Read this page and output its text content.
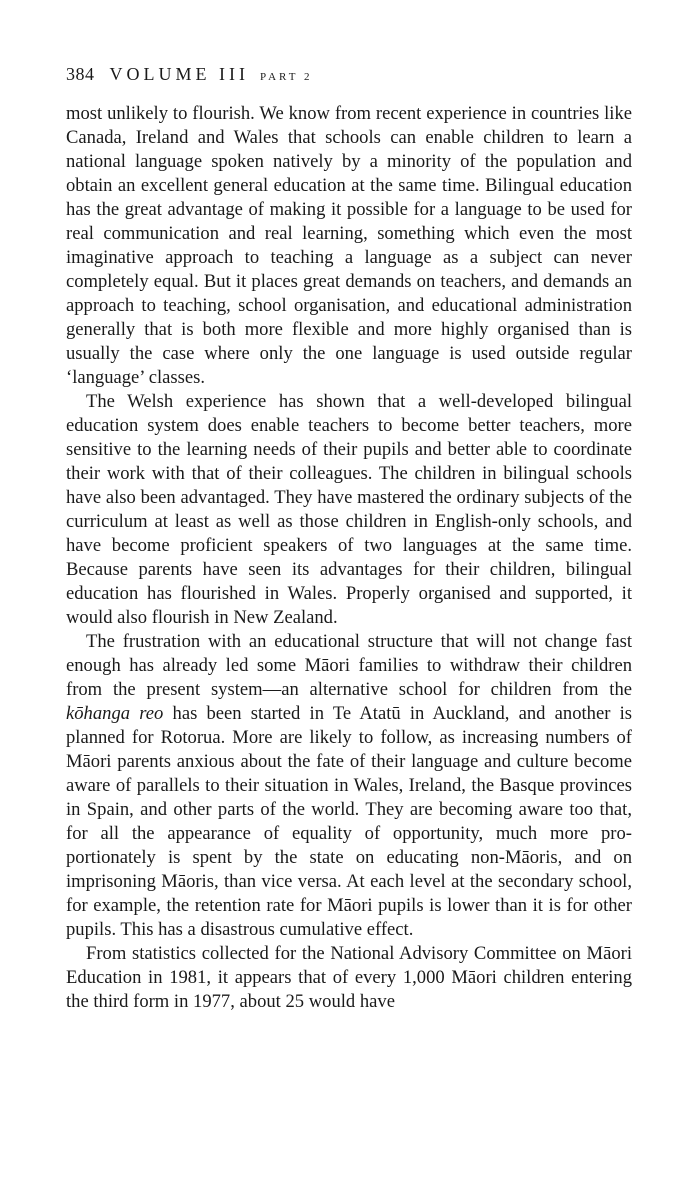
384 VOLUME III PART 2

most unlikely to flourish. We know from recent experience in countries like Canada, Ireland and Wales that schools can enable children to learn a national language spoken natively by a minority of the population and obtain an excellent general education at the same time. Bilingual education has the great advantage of making it possible for a language to be used for real communication and real learning, something which even the most imaginative approach to teaching a language as a subject can never completely equal. But it places great demands on teachers, and demands an approach to teaching, school organisation, and educational administration generally that is both more flexible and more highly organised than is usually the case where only the one language is used outside regular ‘language’ classes.

The Welsh experience has shown that a well-developed bilingual education system does enable teachers to become better teachers, more sensitive to the learning needs of their pupils and better able to coordinate their work with that of their colleagues. The children in bilingual schools have also been advantaged. They have mastered the ordinary subjects of the curriculum at least as well as those children in English-only schools, and have become proficient speakers of two languages at the same time. Because parents have seen its advantages for their children, bilingual education has flourished in Wales. Properly organised and supported, it would also flourish in New Zealand.

The frustration with an educational structure that will not change fast enough has already led some Māori families to withdraw their children from the present system—an alternative school for children from the kōhanga reo has been started in Te Atatū in Auckland, and another is planned for Rotorua. More are likely to follow, as increasing numbers of Māori parents anxious about the fate of their language and culture become aware of parallels to their situation in Wales, Ireland, the Basque provinces in Spain, and other parts of the world. They are becoming aware too that, for all the appearance of equality of opportunity, much more proportionately is spent by the state on educating non-Māoris, and on imprisoning Māoris, than vice versa. At each level at the secondary school, for example, the retention rate for Māori pupils is lower than it is for other pupils. This has a disastrous cumulative effect.

From statistics collected for the National Advisory Committee on Māori Education in 1981, it appears that of every 1,000 Māori children entering the third form in 1977, about 25 would have
